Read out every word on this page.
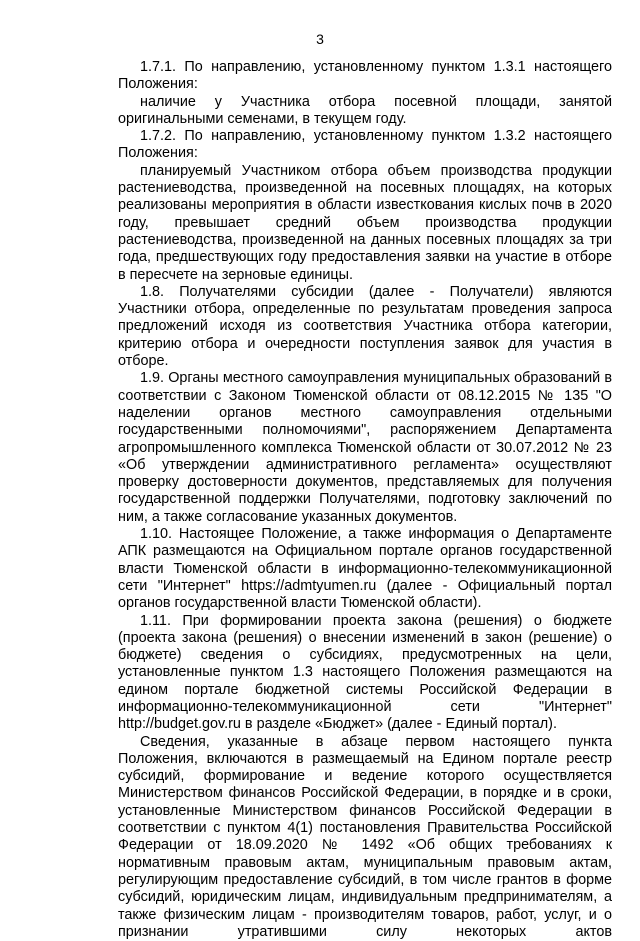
3

1.7.1. По направлению, установленному пунктом 1.3.1 настоящего Положения:

наличие у Участника отбора посевной площади, занятой оригинальными семенами, в текущем году.

1.7.2. По направлению, установленному пунктом 1.3.2 настоящего Положения:

планируемый Участником отбора объем производства продукции растениеводства, произведенной на посевных площадях, на которых реализованы мероприятия в области известкования кислых почв в 2020 году, превышает средний объем производства продукции растениеводства, произведенной на данных посевных площадях за три года, предшествующих году предоставления заявки на участие в отборе в пересчете на зерновые единицы.

1.8. Получателями субсидии (далее - Получатели) являются Участники отбора, определенные по результатам проведения запроса предложений исходя из соответствия Участника отбора категории, критерию отбора и очередности поступления заявок для участия в отборе.

1.9. Органы местного самоуправления муниципальных образований в соответствии с Законом Тюменской области от 08.12.2015 № 135 "О наделении органов местного самоуправления отдельными государственными полномочиями", распоряжением Департамента агропромышленного комплекса Тюменской области от 30.07.2012 № 23 «Об утверждении административного регламента» осуществляют проверку достоверности документов, представляемых для получения государственной поддержки Получателями, подготовку заключений по ним, а также согласование указанных документов.

1.10. Настоящее Положение, а также информация о Департаменте АПК размещаются на Официальном портале органов государственной власти Тюменской области в информационно-телекоммуникационной сети "Интернет" https://admtyumen.ru (далее - Официальный портал органов государственной власти Тюменской области).

1.11. При формировании проекта закона (решения) о бюджете (проекта закона (решения) о внесении изменений в закон (решение) о бюджете) сведения о субсидиях, предусмотренных на цели, установленные пунктом 1.3 настоящего Положения размещаются на едином портале бюджетной системы Российской Федерации в информационно-телекоммуникационной сети "Интернет" http://budget.gov.ru в разделе «Бюджет» (далее - Единый портал).

Сведения, указанные в абзаце первом настоящего пункта Положения, включаются в размещаемый на Едином портале реестр субсидий, формирование и ведение которого осуществляется Министерством финансов Российской Федерации, в порядке и в сроки, установленные Министерством финансов Российской Федерации в соответствии с пунктом 4(1) постановления Правительства Российской Федерации от 18.09.2020 № 1492 «Об общих требованиях к нормативным правовым актам, муниципальным правовым актам, регулирующим предоставление субсидий, в том числе грантов в форме субсидий, юридическим лицам, индивидуальным предпринимателям, а также физическим лицам - производителям товаров, работ, услуг, и о признании утратившими силу некоторых актов
